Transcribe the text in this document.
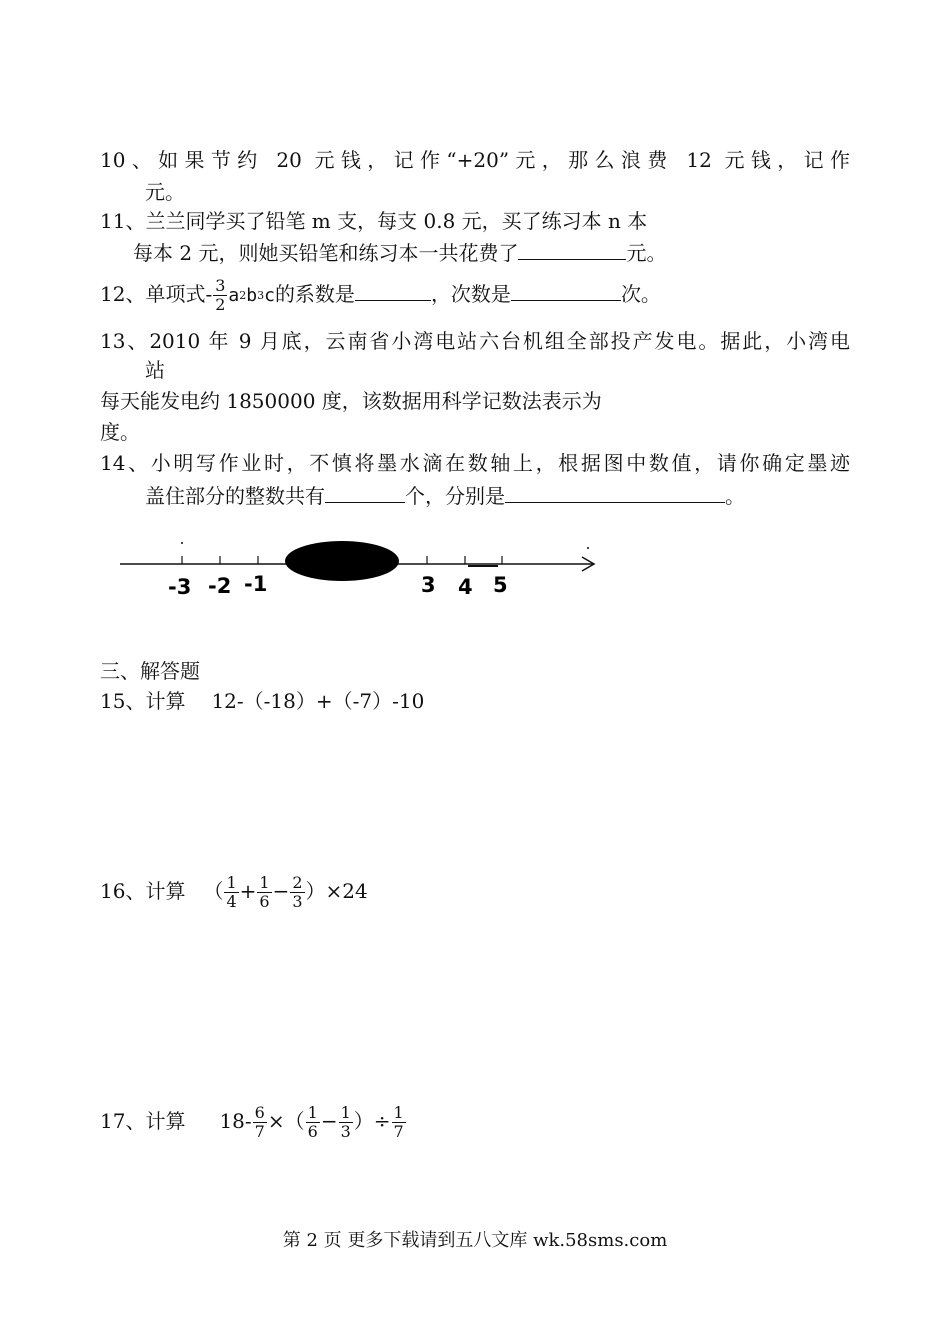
10、如果节约 20 元钱，记作“+20”元，那么浪费 12 元钱，记作
元。
11、兰兰同学买了铅笔 m 支，每支 0.8 元，买了练习本 n 本
每本 2 元，则她买铅笔和练习本一共花费了	元。
12、单项式- $\frac{3}{2} a2b3c$的系数是	，次数是	次。
13、2010 年 9 月底，云南省小湾电站六台机组全部投产发电。据此，小湾电
站
每天能发电约 1850000 度，该数据用科学记数法表示为
度。
14、小明写作业时，不慎将墨水滴在数轴上，根据图中数值，请你确定墨迹
盖住部分的整数共有	个，分别是	。
-3 -2 -1	3 4 5
三、解答题
15、计算 12-（-18）+（-7）-10
16、计算 （ $\frac{1}{4} + \frac{1}{6} - \frac{2}{3} )\times 24$
17、计算 $18- \frac{6}{7}$ ×（ $\frac{1}{6} - \frac{1}{3}$ ）÷ $\frac{1}{7}$
第 2 页 更多下载请到五八文库 wk.58sms.com
